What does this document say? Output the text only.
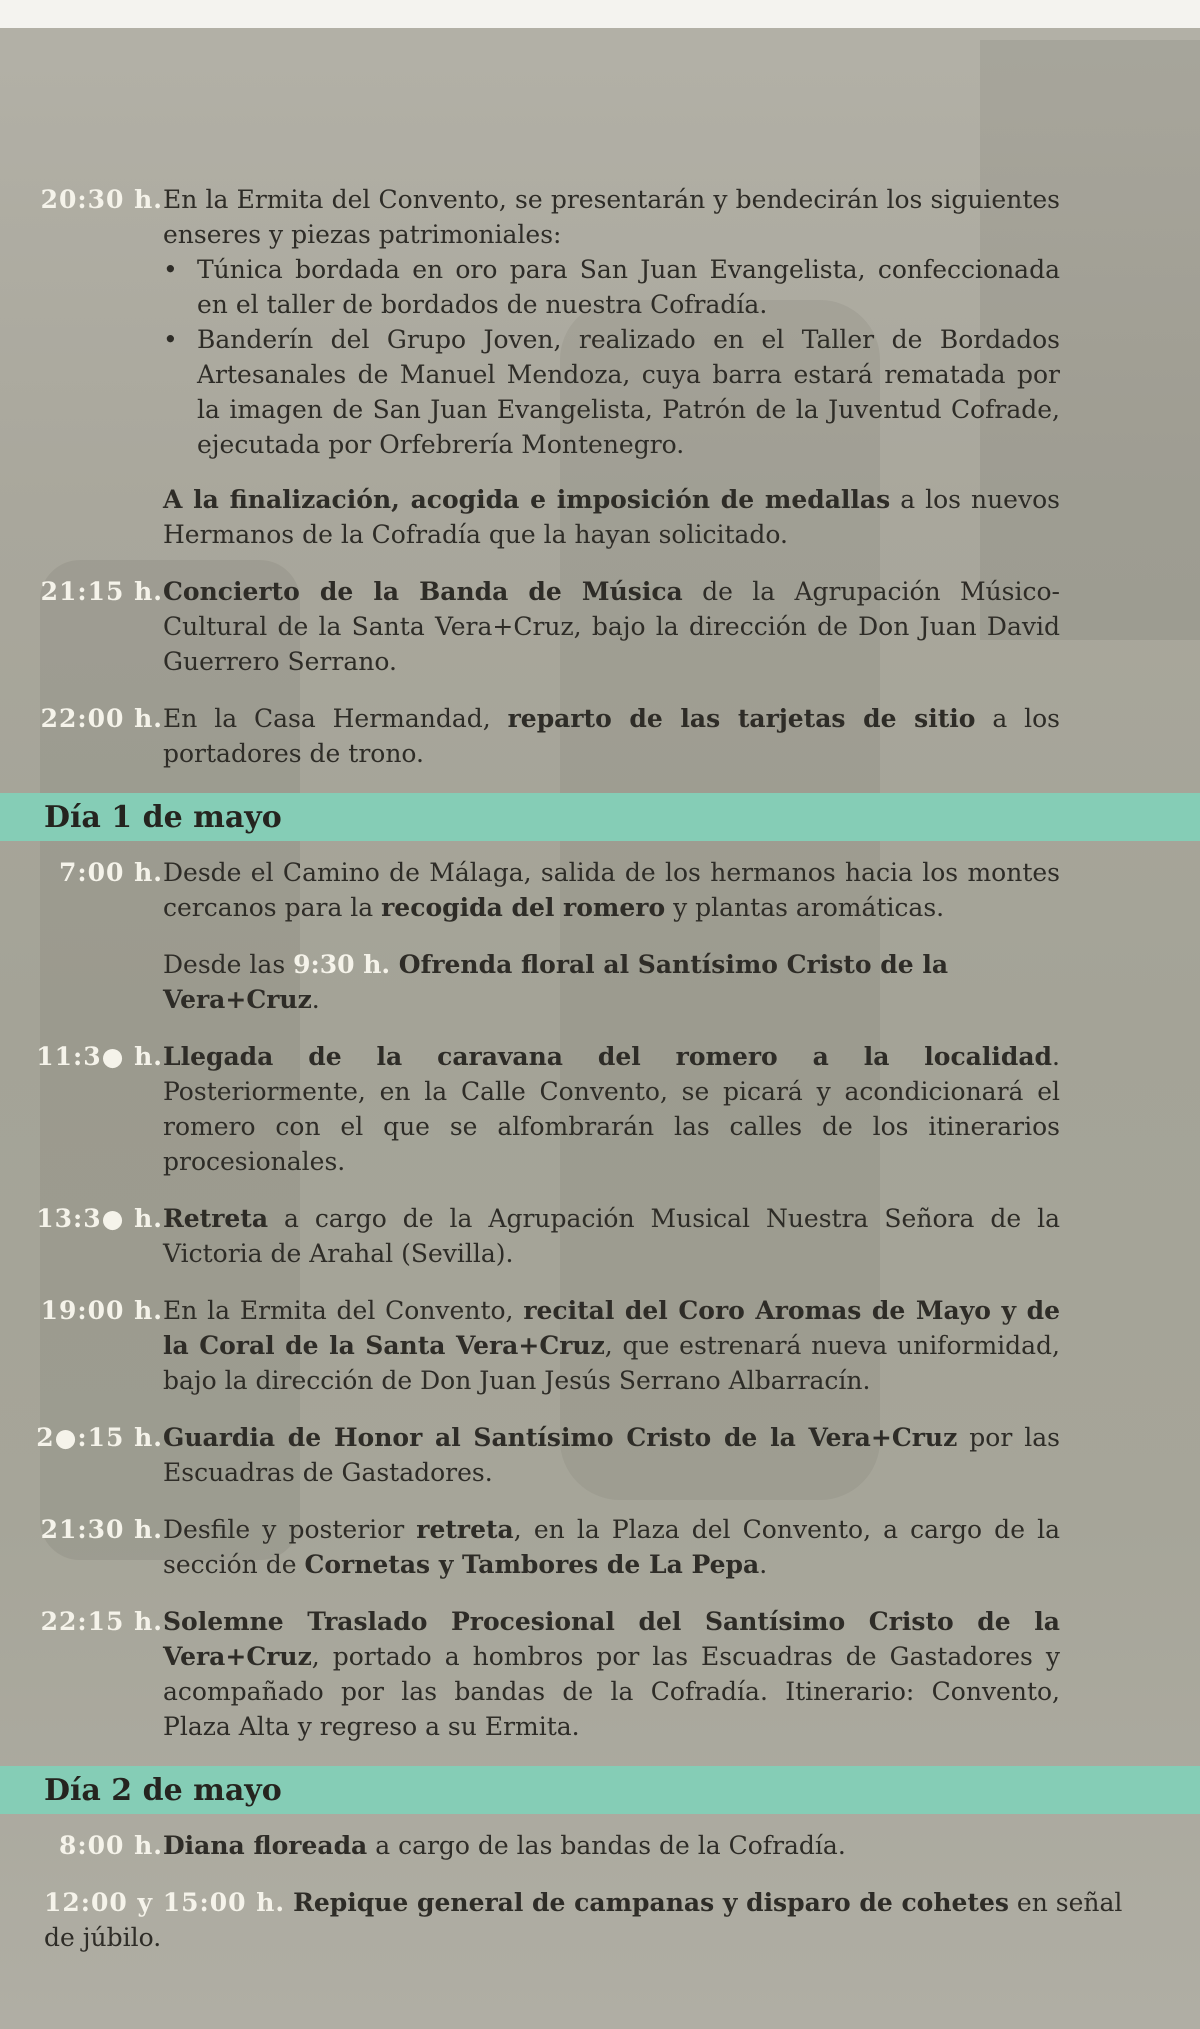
20:30 h. En la Ermita del Convento, se presentarán y bendecirán los siguientes enseres y piezas patrimoniales:
• Túnica bordada en oro para San Juan Evangelista, confeccionada en el taller de bordados de nuestra Cofradía.
• Banderín del Grupo Joven, realizado en el Taller de Bordados Artesanales de Manuel Mendoza, cuya barra estará rematada por la imagen de San Juan Evangelista, Patrón de la Juventud Cofrade, ejecutada por Orfebrería Montenegro.
A la finalización, acogida e imposición de medallas a los nuevos Hermanos de la Cofradía que la hayan solicitado.
21:15 h. Concierto de la Banda de Música de la Agrupación Músico-Cultural de la Santa Vera+Cruz, bajo la dirección de Don Juan David Guerrero Serrano.
22:00 h. En la Casa Hermandad, reparto de las tarjetas de sitio a los portadores de trono.
Día 1 de mayo
7:00 h. Desde el Camino de Málaga, salida de los hermanos hacia los montes cercanos para la recogida del romero y plantas aromáticas.
Desde las 9:30 h. Ofrenda floral al Santísimo Cristo de la Vera+Cruz.
11:3● h. Llegada de la caravana del romero a la localidad. Posteriormente, en la Calle Convento, se picará y acondicionará el romero con el que se alfombrarán las calles de los itinerarios procesionales.
13:3● h. Retreta a cargo de la Agrupación Musical Nuestra Señora de la Victoria de Arahal (Sevilla).
19:00 h. En la Ermita del Convento, recital del Coro Aromas de Mayo y de la Coral de la Santa Vera+Cruz, que estrenará nueva uniformidad, bajo la dirección de Don Juan Jesús Serrano Albarracín.
2●:15 h. Guardia de Honor al Santísimo Cristo de la Vera+Cruz por las Escuadras de Gastadores.
21:30 h. Desfile y posterior retreta, en la Plaza del Convento, a cargo de la sección de Cornetas y Tambores de La Pepa.
22:15 h. Solemne Traslado Procesional del Santísimo Cristo de la Vera+Cruz, portado a hombros por las Escuadras de Gastadores y acompañado por las bandas de la Cofradía. Itinerario: Convento, Plaza Alta y regreso a su Ermita.
Día 2 de mayo
8:00 h. Diana floreada a cargo de las bandas de la Cofradía.
12:00 y 15:00 h. Repique general de campanas y disparo de cohetes en señal de júbilo.
